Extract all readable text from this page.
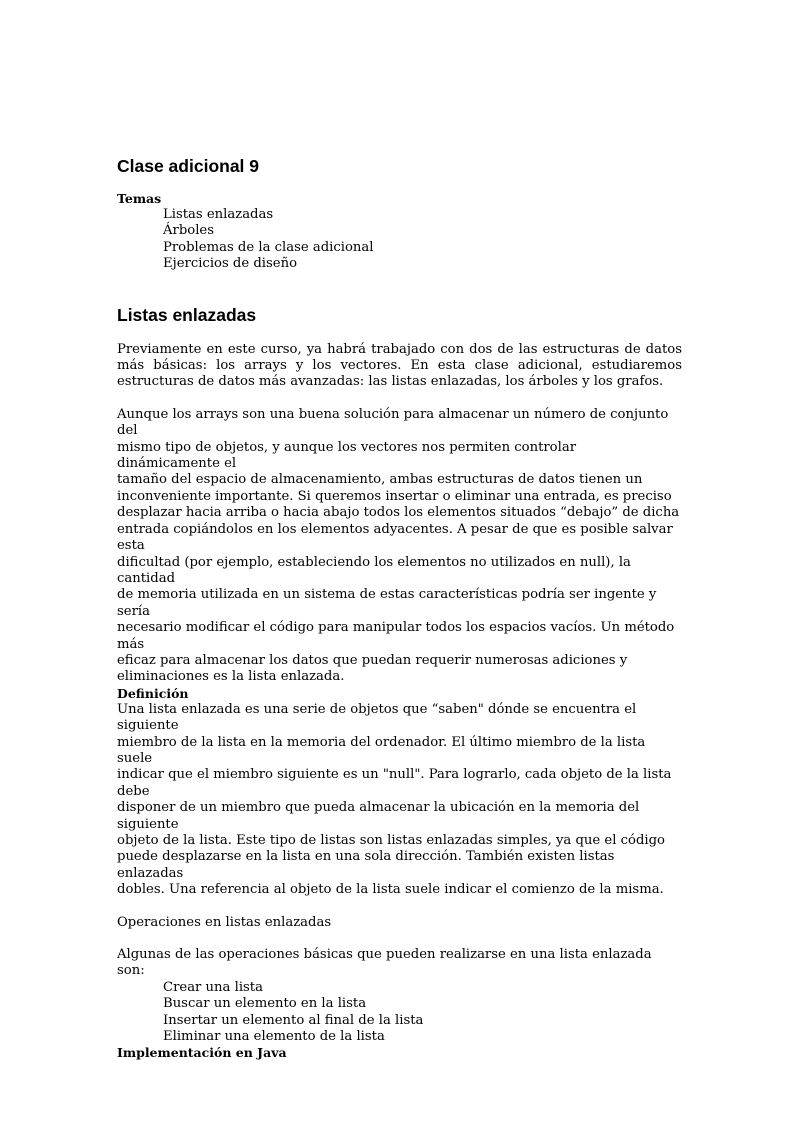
Clase adicional 9
Temas
Listas enlazadas
Árboles
Problemas de la clase adicional
Ejercicios de diseño
Listas enlazadas

Previamente en este curso, ya habrá trabajado con dos de las estructuras de datos más básicas: los arrays y los vectores. En esta clase adicional, estudiaremos estructuras de datos más avanzadas: las listas enlazadas, los árboles y los grafos.

Aunque los arrays son una buena solución para almacenar un número de conjunto del
mismo tipo de objetos, y aunque los vectores nos permiten controlar dinámicamente el
tamaño del espacio de almacenamiento, ambas estructuras de datos tienen un
inconveniente importante. Si queremos insertar o eliminar una entrada, es preciso
desplazar hacia arriba o hacia abajo todos los elementos situados “debajo” de dicha
entrada copiándolos en los elementos adyacentes. A pesar de que es posible salvar esta
dificultad (por ejemplo, estableciendo los elementos no utilizados en null), la cantidad
de memoria utilizada en un sistema de estas características podría ser ingente y sería
necesario modificar el código para manipular todos los espacios vacíos. Un método más
eficaz para almacenar los datos que puedan requerir numerosas adiciones y
eliminaciones es la lista enlazada.
Definición
Una lista enlazada es una serie de objetos que “saben" dónde se encuentra el siguiente
miembro de la lista en la memoria del ordenador. El último miembro de la lista suele
indicar que el miembro siguiente es un "null". Para lograrlo, cada objeto de la lista debe
disponer de un miembro que pueda almacenar la ubicación en la memoria del siguiente
objeto de la lista. Este tipo de listas son listas enlazadas simples, ya que el código
puede desplazarse en la lista en una sola dirección. También existen listas enlazadas
dobles. Una referencia al objeto de la lista suele indicar el comienzo de la misma.

Operaciones en listas enlazadas

Algunas de las operaciones básicas que pueden realizarse en una lista enlazada son:

Crear una lista
Buscar un elemento en la lista
Insertar un elemento al final de la lista
Eliminar una elemento de la lista
Implementación en Java
